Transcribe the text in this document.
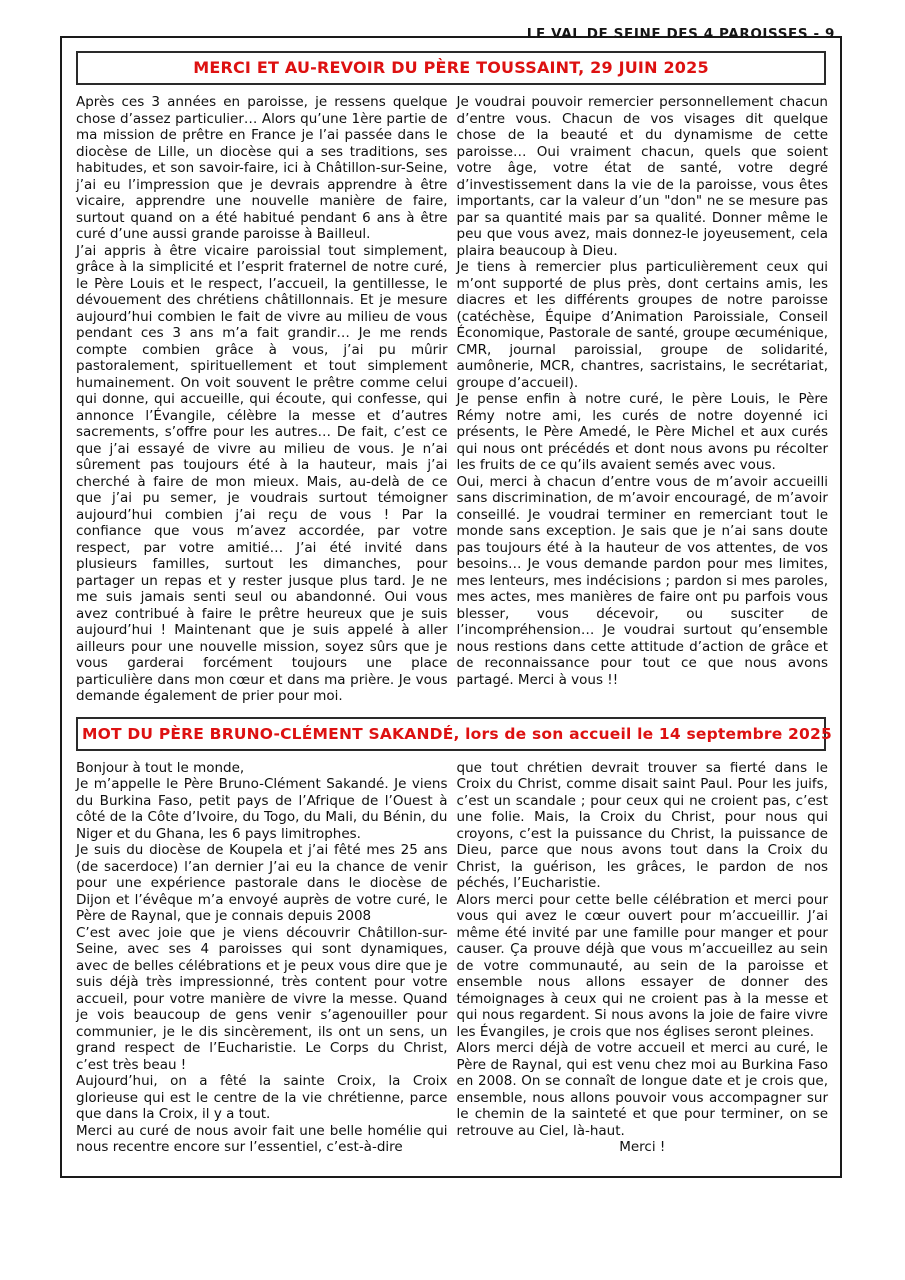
LE VAL DE SEINE DES 4 PAROISSES - 9
MERCI ET AU-REVOIR DU PÈRE TOUSSAINT, 29 JUIN 2025

Après ces 3 années en paroisse, je ressens quelque chose d’assez particulier… Alors qu’une 1ère partie de ma mission de prêtre en France je l’ai passée dans le diocèse de Lille, un diocèse qui a ses traditions, ses habitudes, et son savoir-faire, ici à Châtillon-sur-Seine, j’ai eu l’impression que je devrais apprendre à être vicaire, apprendre une nouvelle manière de faire, surtout quand on a été habitué pendant 6 ans à être curé d’une aussi grande paroisse à Bailleul.

J’ai appris à être vicaire paroissial tout simplement, grâce à la simplicité et l’esprit fraternel de notre curé, le Père Louis et le respect, l’accueil, la gentillesse, le dévouement des chrétiens châtillonnais. Et je mesure aujourd’hui combien le fait de vivre au milieu de vous pendant ces 3 ans m’a fait grandir… Je me rends compte combien grâce à vous, j’ai pu mûrir pastoralement, spirituellement et tout simplement humainement. On voit souvent le prêtre comme celui qui donne, qui accueille, qui écoute, qui confesse, qui annonce l’Évangile, célèbre la messe et d’autres sacrements, s’offre pour les autres… De fait, c’est ce que j’ai essayé de vivre au milieu de vous. Je n’ai sûrement pas toujours été à la hauteur, mais j’ai cherché à faire de mon mieux. Mais, au-delà de ce que j’ai pu semer, je voudrais surtout témoigner aujourd’hui combien j’ai reçu de vous ! Par la confiance que vous m’avez accordée, par votre respect, par votre amitié… J’ai été invité dans plusieurs familles, surtout les dimanches, pour partager un repas et y rester jusque plus tard. Je ne me suis jamais senti seul ou abandonné. Oui vous avez contribué à faire le prêtre heureux que je suis aujourd’hui ! Maintenant que je suis appelé à aller ailleurs pour une nouvelle mission, soyez sûrs que je vous garderai forcément toujours une place particulière dans mon cœur et dans ma prière. Je vous demande également de prier pour moi.

Je voudrai pouvoir remercier personnellement chacun d’entre vous. Chacun de vos visages dit quelque chose de la beauté et du dynamisme de cette paroisse… Oui vraiment chacun, quels que soient votre âge, votre état de santé, votre degré d’investissement dans la vie de la paroisse, vous êtes importants, car la valeur d’un "don" ne se mesure pas par sa quantité mais par sa qualité. Donner même le peu que vous avez, mais donnez-le joyeusement, cela plaira beaucoup à Dieu.

Je tiens à remercier plus particulièrement ceux qui m’ont supporté de plus près, dont certains amis, les diacres et les différents groupes de notre paroisse (catéchèse, Équipe d’Animation Paroissiale, Conseil Économique, Pastorale de santé, groupe œcuménique, CMR, journal paroissial, groupe de solidarité, aumônerie, MCR, chantres, sacristains, le secrétariat, groupe d’accueil).

Je pense enfin à notre curé, le père Louis, le Père Rémy notre ami, les curés de notre doyenné ici présents, le Père Amedé, le Père Michel et aux curés qui nous ont précédés et dont nous avons pu récolter les fruits de ce qu’ils avaient semés avec vous.

Oui, merci à chacun d’entre vous de m’avoir accueilli sans discrimination, de m’avoir encouragé, de m’avoir conseillé. Je voudrai terminer en remerciant tout le monde sans exception. Je sais que je n’ai sans doute pas toujours été à la hauteur de vos attentes, de vos besoins… Je vous demande pardon pour mes limites, mes lenteurs, mes indécisions ; pardon si mes paroles, mes actes, mes manières de faire ont pu parfois vous blesser, vous décevoir, ou susciter de l’incompréhension… Je voudrai surtout qu’ensemble nous restions dans cette attitude d’action de grâce et de reconnaissance pour tout ce que nous avons partagé. Merci à vous !!

MOT DU PÈRE BRUNO-CLÉMENT SAKANDÉ, lors de son accueil le 14 septembre 2025

Bonjour à tout le monde,

Je m’appelle le Père Bruno-Clément Sakandé. Je viens du Burkina Faso, petit pays de l’Afrique de l’Ouest à côté de la Côte d’Ivoire, du Togo, du Mali, du Bénin, du Niger et du Ghana, les 6 pays limitrophes.

Je suis du diocèse de Koupela et j’ai fêté mes 25 ans (de sacerdoce) l’an dernier J’ai eu la chance de venir pour une expérience pastorale dans le diocèse de Dijon et l’évêque m’a envoyé auprès de votre curé, le Père de Raynal, que je connais depuis 2008

C’est avec joie que je viens découvrir Châtillon-sur-Seine, avec ses 4 paroisses qui sont dynamiques, avec de belles célébrations et je peux vous dire que je suis déjà très impressionné, très content pour votre accueil, pour votre manière de vivre la messe. Quand je vois beaucoup de gens venir s’agenouiller pour communier, je le dis sincèrement, ils ont un sens, un grand respect de l’Eucharistie. Le Corps du Christ, c’est très beau !

Aujourd’hui, on a fêté la sainte Croix, la Croix glorieuse qui est le centre de la vie chrétienne, parce que dans la Croix, il y a tout.

Merci au curé de nous avoir fait une belle homélie qui nous recentre encore sur l’essentiel, c’est-à-dire

que tout chrétien devrait trouver sa fierté dans le Croix du Christ, comme disait saint Paul. Pour les juifs, c’est un scandale ; pour ceux qui ne croient pas, c’est une folie. Mais, la Croix du Christ, pour nous qui croyons, c’est la puissance du Christ, la puissance de Dieu, parce que nous avons tout dans la Croix du Christ, la guérison, les grâces, le pardon de nos péchés, l’Eucharistie.

Alors merci pour cette belle célébration et merci pour vous qui avez le cœur ouvert pour m’accueillir. J’ai même été invité par une famille pour manger et pour causer. Ça prouve déjà que vous m’accueillez au sein de votre communauté, au sein de la paroisse et ensemble nous allons essayer de donner des témoignages à ceux qui ne croient pas à la messe et qui nous regardent. Si nous avons la joie de faire vivre les Évangiles, je crois que nos églises seront pleines.

Alors merci déjà de votre accueil et merci au curé, le Père de Raynal, qui est venu chez moi au Burkina Faso en 2008. On se connaît de longue date et je crois que, ensemble, nous allons pouvoir vous accompagner sur le chemin de la sainteté et que pour terminer, on se retrouve au Ciel, là-haut.

Merci !
